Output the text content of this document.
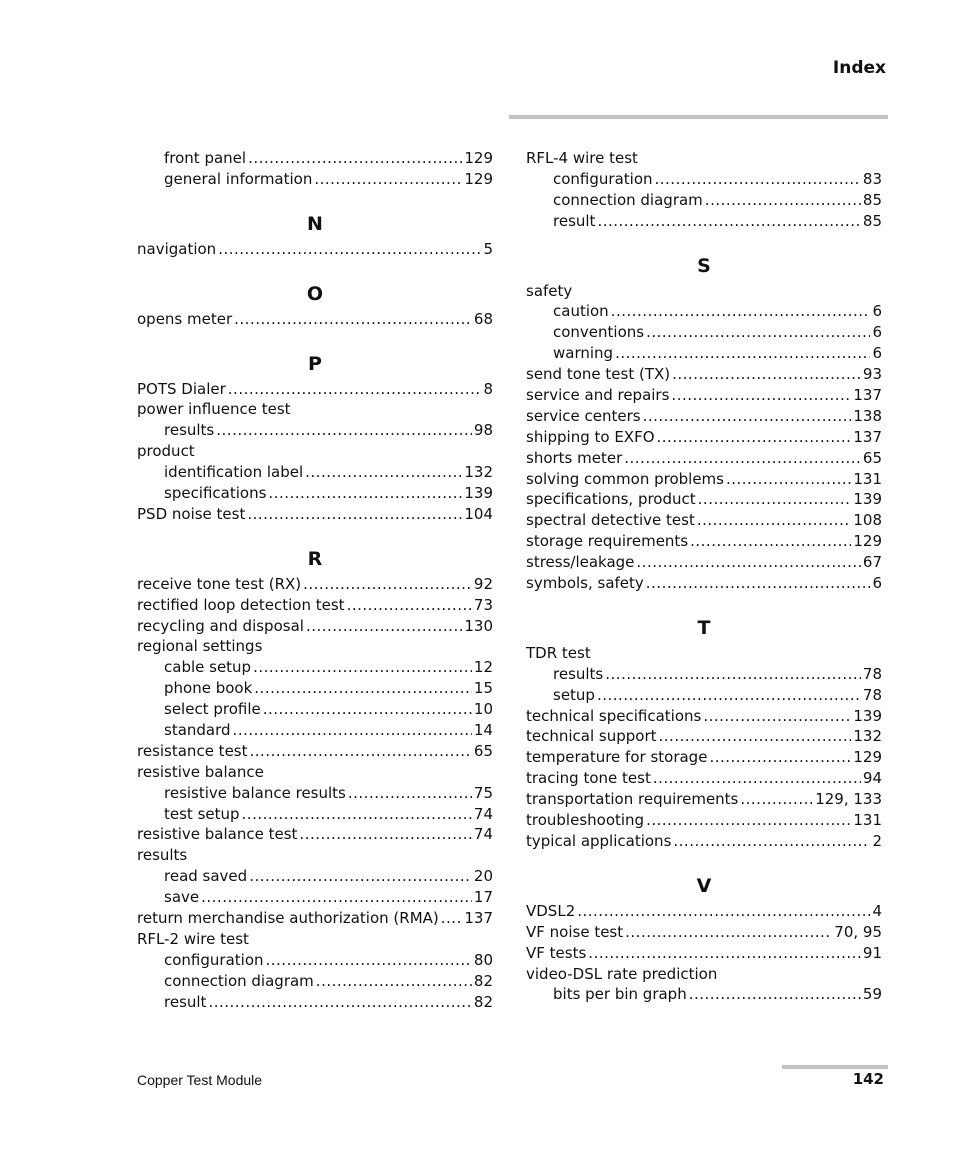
Index
front panel .....	129
general information .....	129
N
navigation .....	5
O
opens meter .....	68
P
POTS Dialer .....	8
power influence test
results .....	98
product
identification label .....	132
specifications .....	139
PSD noise test .....	104
R
receive tone test (RX) .....	92
rectified loop detection test .....	73
recycling and disposal .....	130
regional settings
cable setup .....	12
phone book .....	15
select profile .....	10
standard .....	14
resistance test .....	65
resistive balance
resistive balance results .....	75
test setup .....	74
resistive balance test .....	74
results
read saved .....	20
save .....	17
return merchandise authorization (RMA) ..... 137
RFL-2 wire test
configuration .....	80
connection diagram .....	82
result .....	82
RFL-4 wire test
configuration .....	83
connection diagram .....	85
result .....	85
S
safety
caution .....	6
conventions .....	6
warning .....	6
send tone test (TX) .....	93
service and repairs .....	137
service centers .....	138
shipping to EXFO .....	137
shorts meter .....	65
solving common problems .....	131
specifications, product .....	139
spectral detective test .....	108
storage requirements .....	129
stress/leakage .....	67
symbols, safety .....	6
T
TDR test
results .....	78
setup .....	78
technical specifications .....	139
technical support .....	132
temperature for storage .....	129
tracing tone test .....	94
transportation requirements .....	129, 133
troubleshooting .....	131
typical applications .....	2
V
VDSL2 .....	4
VF noise test .....	70, 95
VF tests .....	91
video-DSL rate prediction
bits per bin graph .....	59
Copper Test Module	142
